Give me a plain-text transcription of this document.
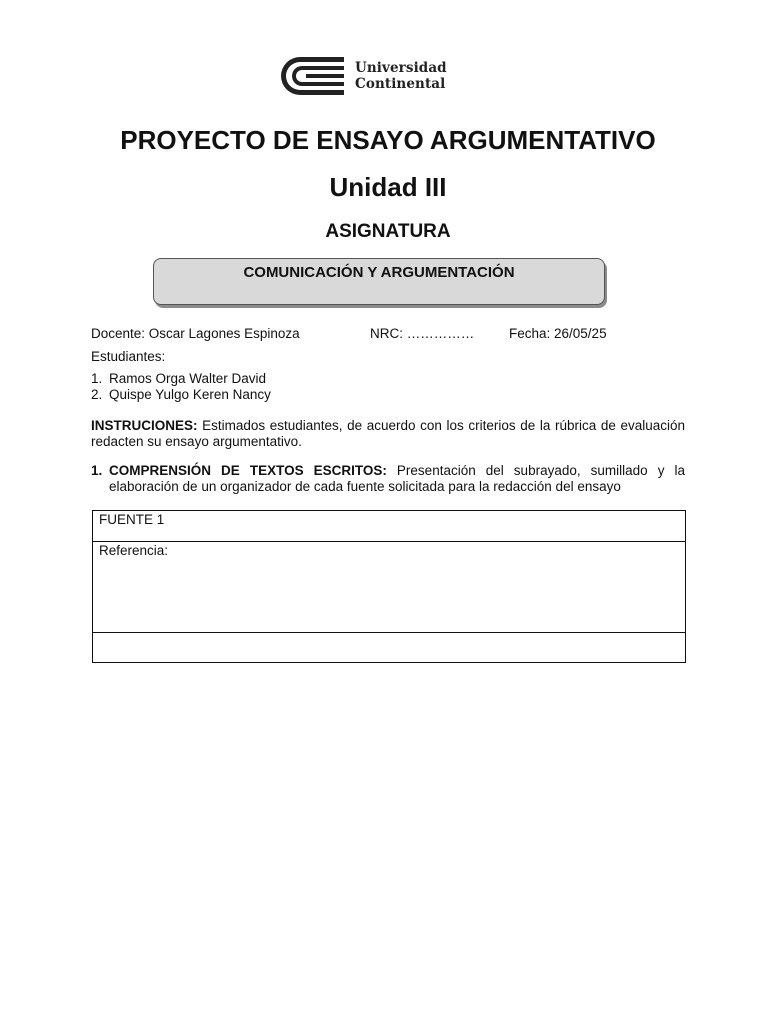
Universidad
Continental
PROYECTO DE ENSAYO ARGUMENTATIVO
Unidad III
ASIGNATURA
COMUNICACIÓN Y ARGUMENTACIÓN
Docente: Oscar Lagones Espinoza	NRC: ……………	Fecha: 26/05/25
Estudiantes:
1. Ramos Orga Walter David
2. Quispe Yulgo Keren Nancy
INSTRUCIONES: Estimados estudiantes, de acuerdo con los criterios de la rúbrica de evaluación redacten su ensayo argumentativo.
1. COMPRENSIÓN DE TEXTOS ESCRITOS: Presentación del subrayado, sumillado y la elaboración de un organizador de cada fuente solicitada para la redacción del ensayo
FUENTE 1
Referencia:
